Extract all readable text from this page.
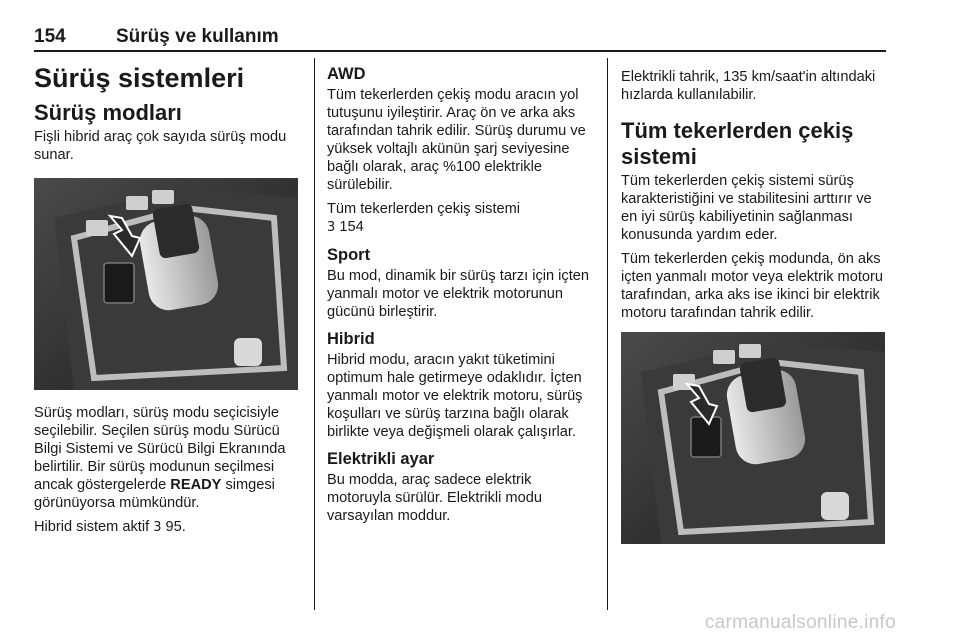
154	Sürüş ve kullanım
Sürüş sistemleri
Sürüş modları

Fişli hibrid araç çok sayıda sürüş modu sunar.

Sürüş modları, sürüş modu seçicisiyle seçilebilir. Seçilen sürüş modu Sürücü Bilgi Sistemi ve Sürücü Bilgi Ekranında belirtilir. Bir sürüş modunun seçilmesi ancak göstergelerde READY simgesi görünüyorsa mümkündür.

Hibrid sistem aktif 3 95.

AWD

Tüm tekerlerden çekiş modu aracın yol tutuşunu iyileştirir. Araç ön ve arka aks tarafından tahrik edilir. Sürüş durumu ve yüksek voltajlı akünün şarj seviyesine bağlı olarak, araç %100 elektrikle sürülebilir.

Tüm tekerlerden çekiş sistemi
3 154

Sport

Bu mod, dinamik bir sürüş tarzı için içten yanmalı motor ve elektrik motorunun gücünü birleştirir.

Hibrid

Hibrid modu, aracın yakıt tüketimini optimum hale getirmeye odaklıdır. İçten yanmalı motor ve elektrik motoru, sürüş koşulları ve sürüş tarzına bağlı olarak birlikte veya değişmeli olarak çalışırlar.

Elektrikli ayar

Bu modda, araç sadece elektrik motoruyla sürülür. Elektrikli modu varsayılan moddur.

Elektrikli tahrik, 135 km/saat'in altındaki hızlarda kullanılabilir.

Tüm tekerlerden çekiş sistemi

Tüm tekerlerden çekiş sistemi sürüş karakteristiğini ve stabilitesini arttırır ve en iyi sürüş kabiliyetinin sağlanması konusunda yardım eder.

Tüm tekerlerden çekiş modunda, ön aks içten yanmalı motor veya elektrik motoru tarafından, arka aks ise ikinci bir elektrik motoru tarafından tahrik edilir.

carmanualsonline.info
